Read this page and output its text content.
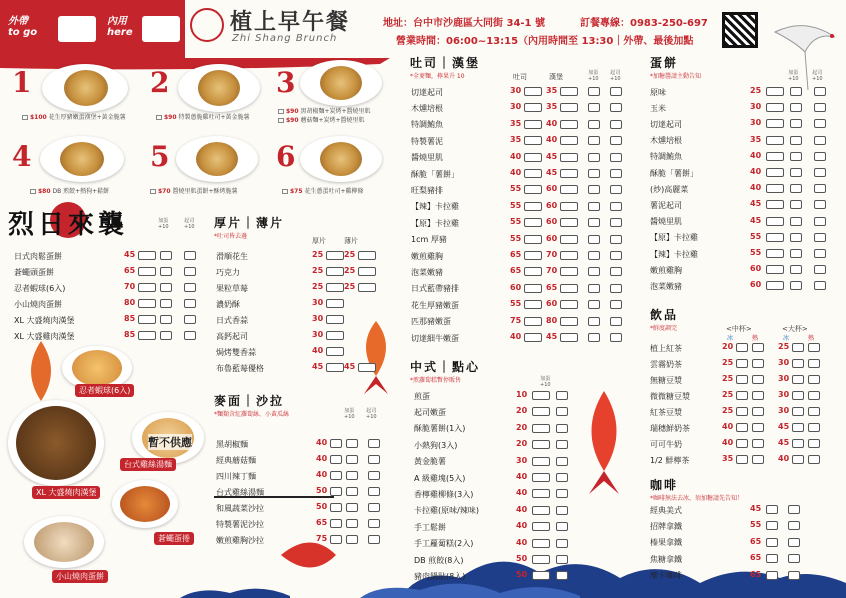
外帶
to go
內用
here	植上早午餐
Zhi Shang Brunch
地址：台中市沙鹿區大同街 34-1 號	訂餐專線：0983-250-697
營業時間：06:00~13:15（內用時間至 13:30｜外帶、最後加點
1
$100 花生厚豬嫩蛋漢堡+黃金脆薯
2
$90 特製蔥脆雞吐司+黃金脆薯
3
$90 黑胡椒麵+炭烤+醬燒里肌
$90 蘑菇麵+炭烤+醬燒里肌
4
$80 DB 煎餃+熱狗+鬆餅
5
$70 醬燒里肌蛋餅+酥烤脆薯
6
$75 花生蔥蛋吐司+雞柳條
烈日來襲	加蛋
+10
起司
+10
忍者蝦球(6入)
XL 大盛燒肉漢堡
暫不供應
台式雞絲湯麵
蒼蠅蛋捲
小山燒肉蛋餅
厚片｜薄片
*吐司皆去邊
厚片	薄片
麥面｜沙拉
*麵類含紅蘿蔔絲、小黃瓜絲	加蛋
+10
起司
+10
吐司｜漢堡
*全麥麵，檸果升 10	吐司	漢堡	加蛋
+10
起司
+10
中式｜點心
*煎蘿蔔糕暫停販售	加蛋
+10
蛋餅
*加糖醬請主動告知	加蛋
+10
起司
+10
飲品
*鮮度調完	<中杯>	<大杯>
冰	熱	冰	熱
咖啡
*咖啡無法去冰，須加糖請先告知！
日式肉鬆蛋餅	45
蒼蠅頭蛋餅	65
忍者蝦球(6入)	70
小山燒肉蛋餅	80
XL 大盛燒肉漢堡	85
XL 大盛雞肉漢堡	85
滑順花生	25	25
巧克力	25	25
果粒草莓	25	25
濃奶酥	30
日式香蒜	30
高鈣起司	30
焗烤雙香蒜	40
布魯藍莓優格	45	45
黑胡椒麵	40
經典蘑菇麵	40
四川辣丁麵	40
台式雞絲湯麵	50
和風蔬菜沙拉	50
特製薯泥沙拉	65
嫩煎雞胸沙拉	75
切達起司	30	35
木燻培根	30	35
特調鮪魚	35	40
特製薯泥	35	40
醬燒里肌	40	45
酥脆「薯餅」	40	45
旺梨豬排	55	60
【辣】卡拉雞	55	60
【原】卡拉雞	55	60
1cm 厚豬	55	60
嫩煎雞胸	65	70
泡菜嫩豬	65	70
日式藍帶豬排	60	65
花生厚豬嫩蛋	55	60
匹那豬嫩蛋	75	80
切達細牛嫩蛋	40	45
煎蛋	10
起司嫩蛋	20
酥脆薯餅(1入)	20
小熱狗(3入)	20
黃金脆薯	30
A 級雞塊(5入)	40
香檸雞柳條(3入)	40
卡拉雞(原味/辣味)	40
手工鬆餅	40
手工蘿蔔糕(2入)	40
DB 煎餃(8入)	50
豬肉鍋貼(8入)	50
原味	25
玉米	30
切達起司	30
木燻培根	35
特調鮪魚	40
酥脆「薯餅」	40
(炒)高麗菜	40
薯泥起司	45
醬燒里肌	45
【原】卡拉雞	55
【辣】卡拉雞	55
嫩煎雞胸	60
泡菜嫩豬	60
植上紅茶	20	25
雲霧奶茶	25	30
無糖豆漿	25	30
微微糖豆漿	25	30
紅茶豆漿	25	30
瑞穗鮮奶茶	40	45
可可牛奶	40	45
1/2 鮮檸茶	35	40
經典美式	45
招牌拿鐵	55
榛果拿鐵	65
焦糖拿鐵	65
摩卡咖啡	65
